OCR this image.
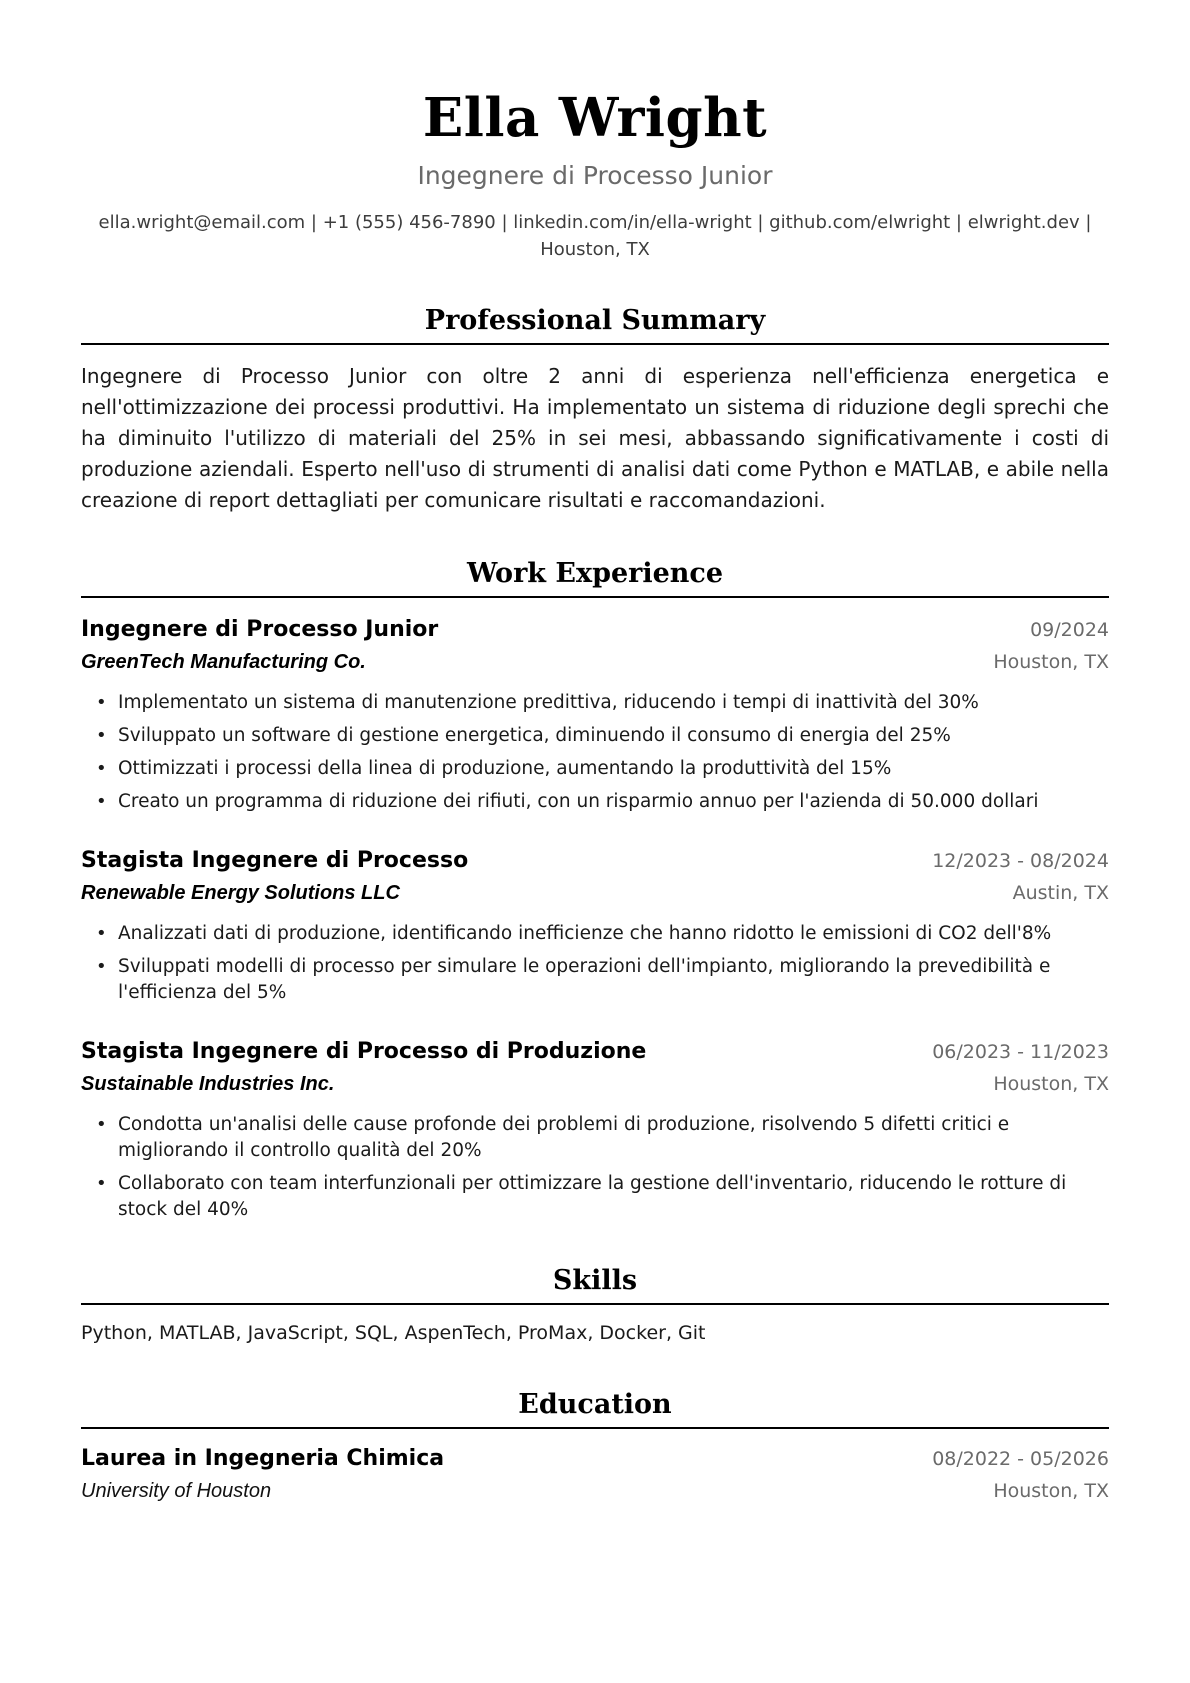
Ella Wright
Ingegnere di Processo Junior
ella.wright@email.com | +1 (555) 456-7890 | linkedin.com/in/ella-wright | github.com/elwright | elwright.dev |
Houston, TX
Professional Summary
Ingegnere di Processo Junior con oltre 2 anni di esperienza nell'efficienza energetica e nell'ottimizzazione dei processi produttivi. Ha implementato un sistema di riduzione degli sprechi che ha diminuito l'utilizzo di materiali del 25% in sei mesi, abbassando significativamente i costi di produzione aziendali. Esperto nell'uso di strumenti di analisi dati come Python e MATLAB, e abile nella creazione di report dettagliati per comunicare risultati e raccomandazioni.
Work Experience
Ingegnere di Processo Junior	09/2024
GreenTech Manufacturing Co.	Houston, TX
• Implementato un sistema di manutenzione predittiva, riducendo i tempi di inattività del 30%
• Sviluppato un software di gestione energetica, diminuendo il consumo di energia del 25%
• Ottimizzati i processi della linea di produzione, aumentando la produttività del 15%
• Creato un programma di riduzione dei rifiuti, con un risparmio annuo per l'azienda di 50.000 dollari
Stagista Ingegnere di Processo	12/2023 - 08/2024
Renewable Energy Solutions LLC	Austin, TX
• Analizzati dati di produzione, identificando inefficienze che hanno ridotto le emissioni di CO2 dell'8%
• Sviluppati modelli di processo per simulare le operazioni dell'impianto, migliorando la prevedibilità e l'efficienza del 5%
Stagista Ingegnere di Processo di Produzione	06/2023 - 11/2023
Sustainable Industries Inc.	Houston, TX
• Condotta un'analisi delle cause profonde dei problemi di produzione, risolvendo 5 difetti critici e migliorando il controllo qualità del 20%
• Collaborato con team interfunzionali per ottimizzare la gestione dell'inventario, riducendo le rotture di stock del 40%
Skills
Python, MATLAB, JavaScript, SQL, AspenTech, ProMax, Docker, Git
Education
Laurea in Ingegneria Chimica	08/2022 - 05/2026
University of Houston	Houston, TX
